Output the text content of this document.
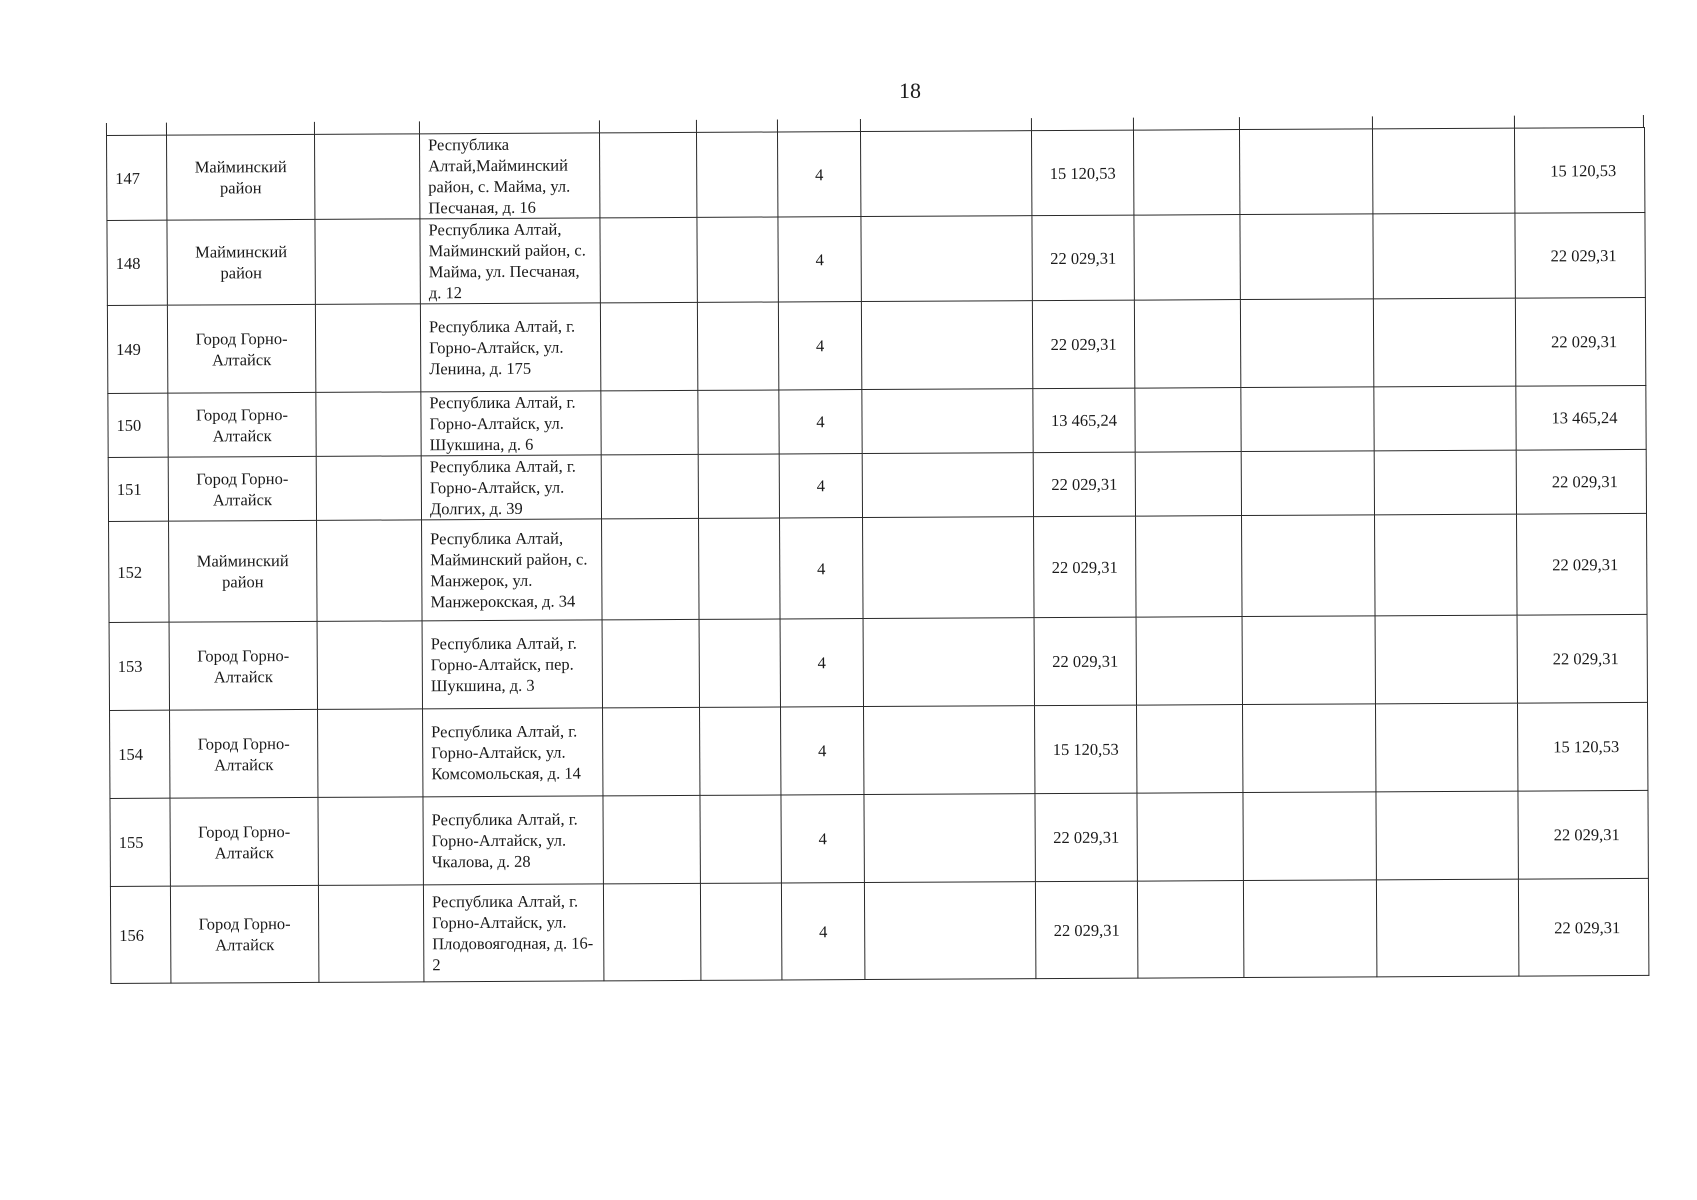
18
147	Майминский район		Республика Алтай,Майминский район, с. Майма, ул. Песчаная, д. 16			4		15 120,53				15 120,53
148	Майминский район		Республика Алтай, Майминский район, с. Майма, ул. Песчаная, д. 12			4		22 029,31				22 029,31
149	Город Горно-Алтайск		Республика Алтай, г. Горно-Алтайск, ул. Ленина, д. 175			4		22 029,31				22 029,31
150	Город Горно-Алтайск		Республика Алтай, г. Горно-Алтайск, ул. Шукшина, д. 6			4		13 465,24				13 465,24
151	Город Горно-Алтайск		Республика Алтай, г. Горно-Алтайск, ул. Долгих, д. 39			4		22 029,31				22 029,31
152	Майминский район		Республика Алтай, Майминский район, с. Манжерок, ул. Манжерокская, д. 34			4		22 029,31				22 029,31
153	Город Горно-Алтайск		Республика Алтай, г. Горно-Алтайск, пер. Шукшина, д. 3			4		22 029,31				22 029,31
154	Город Горно-Алтайск		Республика Алтай, г. Горно-Алтайск, ул. Комсомольская, д. 14			4		15 120,53				15 120,53
155	Город Горно-Алтайск		Республика Алтай, г. Горно-Алтайск, ул. Чкалова, д. 28			4		22 029,31				22 029,31
156	Город Горно-Алтайск		Республика Алтай, г. Горно-Алтайск, ул. Плодовоягодная, д. 16-2			4		22 029,31				22 029,31
